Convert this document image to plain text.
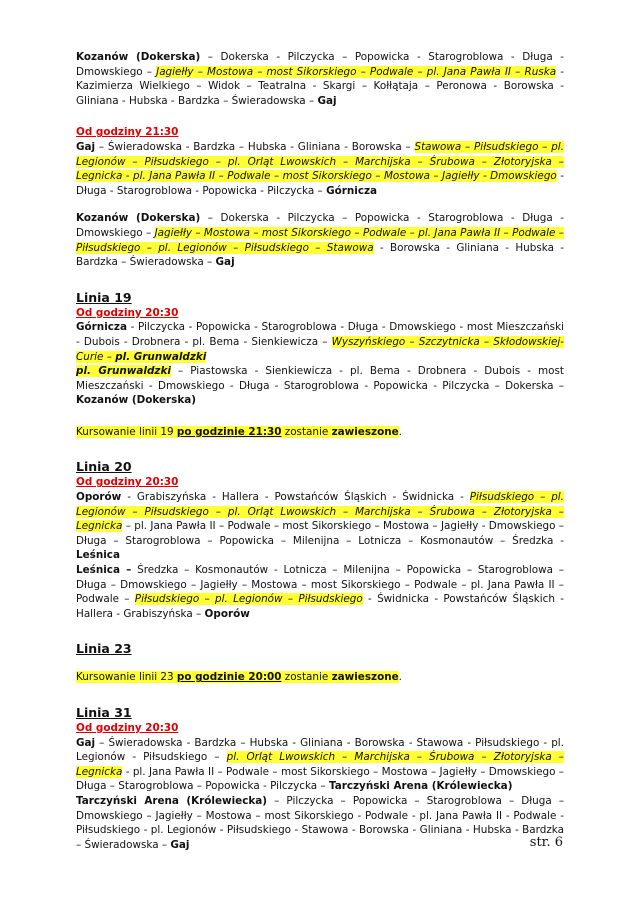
Kozanów (Dokerska) – Dokerska - Pilczycka – Popowicka - Starogroblowa - Długa - Dmowskiego – Jagiełły – Mostowa – most Sikorskiego – Podwale – pl. Jana Pawła II – Ruska - Kazimierza Wielkiego – Widok – Teatralna - Skargi – Kołłątaja – Peronowa - Borowska - Gliniana - Hubska - Bardzka – Świeradowska – Gaj

Od godziny 21:30

Gaj – Świeradowska - Bardzka – Hubska - Gliniana - Borowska – Stawowa – Piłsudskiego – pl. Legionów – Piłsudskiego – pl. Orląt Lwowskich – Marchijska – Śrubowa – Złotoryjska – Legnicka - pl. Jana Pawła II – Podwale – most Sikorskiego – Mostowa – Jagiełły - Dmowskiego - Długa - Starogroblowa - Popowicka - Pilczycka – Górnicza

Kozanów (Dokerska) – Dokerska - Pilczycka – Popowicka - Starogroblowa - Długa - Dmowskiego – Jagiełły – Mostowa – most Sikorskiego – Podwale – pl. Jana Pawła II – Podwale – Piłsudskiego – pl. Legionów – Piłsudskiego – Stawowa - Borowska - Gliniana - Hubska - Bardzka – Świeradowska – Gaj

Linia 19

Od godziny 20:30

Górnicza - Pilczycka - Popowicka - Starogroblowa - Długa - Dmowskiego - most Mieszczański - Dubois - Drobnera - pl. Bema - Sienkiewicza – Wyszyńskiego – Szczytnicka – Skłodowskiej-Curie – pl. Grunwaldzki

pl. Grunwaldzki – Piastowska - Sienkiewicza - pl. Bema - Drobnera - Dubois - most Mieszczański - Dmowskiego - Długa - Starogroblowa - Popowicka - Pilczycka – Dokerska – Kozanów (Dokerska)

Kursowanie linii 19 po godzinie 21:30 zostanie zawieszone.

Linia 20

Od godziny 20:30

Oporów - Grabiszyńska - Hallera - Powstańców Śląskich - Świdnicka - Piłsudskiego – pl. Legionów – Piłsudskiego – pl. Orląt Lwowskich – Marchijska – Śrubowa – Złotoryjska – Legnicka – pl. Jana Pawła II – Podwale – most Sikorskiego – Mostowa – Jagiełły - Dmowskiego – Długa – Starogroblowa – Popowicka – Milenijna – Lotnicza – Kosmonautów – Średzka - Leśnica

Leśnica – Średzka – Kosmonautów - Lotnicza – Milenijna – Popowicka – Starogroblowa – Długa – Dmowskiego – Jagiełły – Mostowa – most Sikorskiego – Podwale – pl. Jana Pawła II – Podwale – Piłsudskiego – pl. Legionów – Piłsudskiego - Świdnicka - Powstańców Śląskich - Hallera - Grabiszyńska – Oporów

Linia 23

Kursowanie linii 23 po godzinie 20:00 zostanie zawieszone.

Linia 31

Od godziny 20:30

Gaj – Świeradowska - Bardzka – Hubska - Gliniana - Borowska - Stawowa - Piłsudskiego - pl. Legionów - Piłsudskiego – pl. Orląt Lwowskich – Marchijska – Śrubowa – Złotoryjska – Legnicka - pl. Jana Pawła II – Podwale – most Sikorskiego – Mostowa – Jagiełły – Dmowskiego – Długa – Starogroblowa – Popowicka - Pilczycka – Tarczyński Arena (Królewiecka)

Tarczyński Arena (Królewiecka) – Pilczycka – Popowicka – Starogroblowa – Długa – Dmowskiego – Jagiełły – Mostowa – most Sikorskiego - Podwale - pl. Jana Pawła II - Podwale - Piłsudskiego - pl. Legionów - Piłsudskiego - Stawowa - Borowska - Gliniana - Hubska - Bardzka – Świeradowska – Gaj	str. 6
